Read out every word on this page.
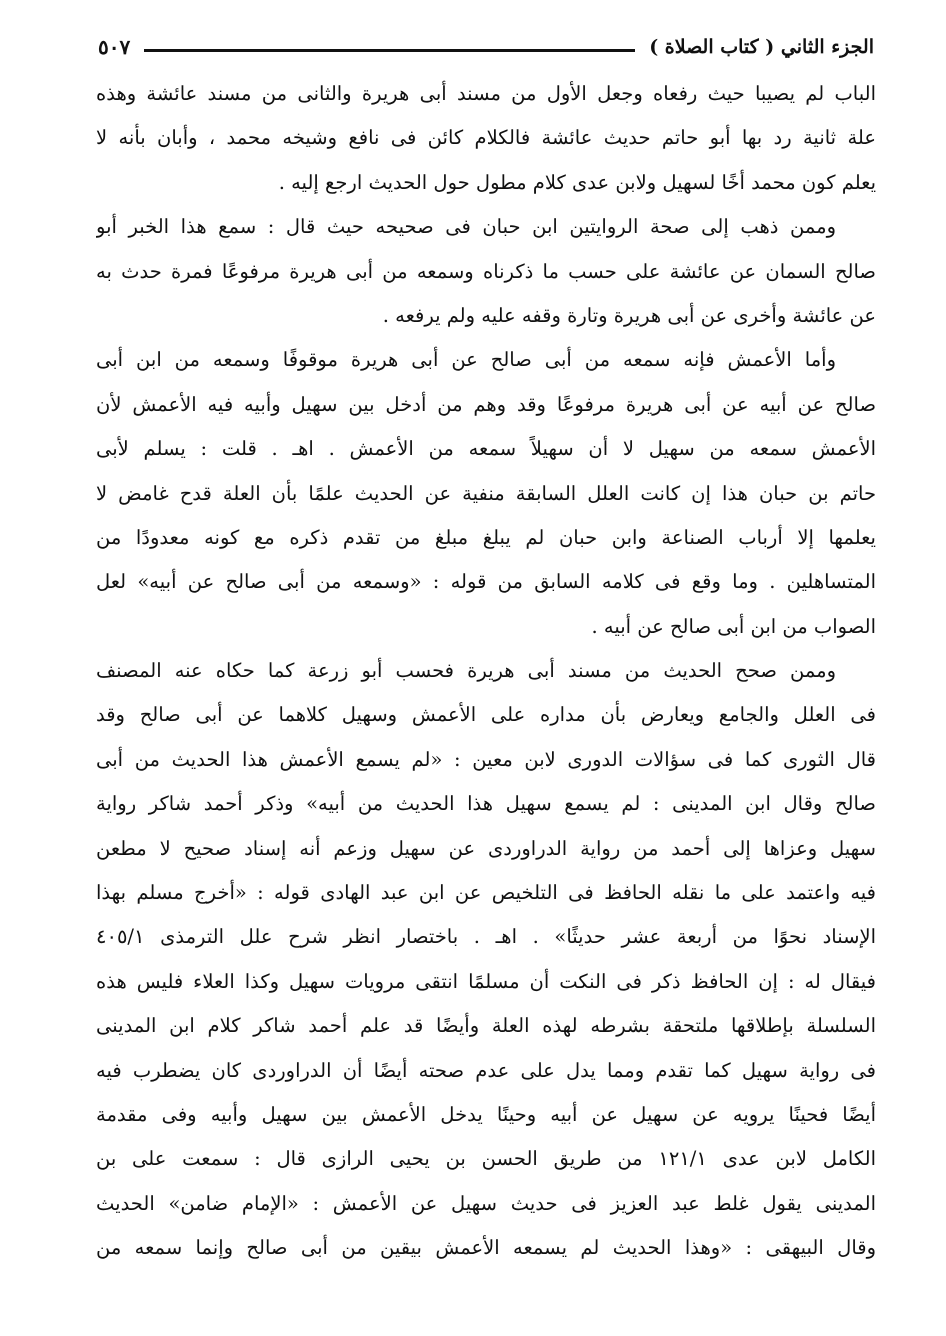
الجزء الثاني ( كتاب الصلاة )
٥٠٧
الباب لم يصيبا حيث رفعاه وجعل الأول من مسند أبى هريرة والثانى من مسند عائشة وهذه
علة ثانية رد بها أبو حاتم حديث عائشة فالكلام كائن فى نافع وشيخه محمد ، وأبان بأنه لا
يعلم كون محمد أخًا لسهيل ولابن عدى كلام مطول حول الحديث ارجع إليه .
وممن ذهب إلى صحة الروايتين ابن حبان فى صحيحه حيث قال : سمع هذا الخبر أبو
صالح السمان عن عائشة على حسب ما ذكرناه وسمعه من أبى هريرة مرفوعًا فمرة حدث به
عن عائشة وأخرى عن أبى هريرة وتارة وقفه عليه ولم يرفعه .
وأما الأعمش فإنه سمعه من أبى صالح عن أبى هريرة موقوفًا وسمعه من ابن أبى
صالح عن أبيه عن أبى هريرة مرفوعًا وقد وهم من أدخل بين سهيل وأبيه فيه الأعمش لأن
الأعمش سمعه من سهيل لا أن سهيلاً سمعه من الأعمش . اهـ . قلت : يسلم لأبى
حاتم بن حبان هذا إن كانت العلل السابقة منفية عن الحديث علمًا بأن العلة قدح غامض لا
يعلمها إلا أرباب الصناعة وابن حبان لم يبلغ مبلغ من تقدم ذكره مع كونه معدودًا من
المتساهلين . وما وقع فى كلامه السابق من قوله : «وسمعه من أبى صالح عن أبيه» لعل
الصواب من ابن أبى صالح عن أبيه .
وممن صحح الحديث من مسند أبى هريرة فحسب أبو زرعة كما حكاه عنه المصنف
فى العلل والجامع ويعارض بأن مداره على الأعمش وسهيل كلاهما عن أبى صالح وقد
قال الثورى كما فى سؤالات الدورى لابن معين : «لم يسمع الأعمش هذا الحديث من أبى
صالح وقال ابن المدينى : لم يسمع سهيل هذا الحديث من أبيه» وذكر أحمد شاكر رواية
سهيل وعزاها إلى أحمد من رواية الدراوردى عن سهيل وزعم أنه إسناد صحيح لا مطعن
فيه واعتمد على ما نقله الحافظ فى التلخيص عن ابن عبد الهادى قوله : «أخرج مسلم بهذا
الإسناد نحوًا من أربعة عشر حديثًا» . اهـ . باختصار انظر شرح علل الترمذى ٤٠٥/١
فيقال له : إن الحافظ ذكر فى النكت أن مسلمًا انتقى مرويات سهيل وكذا العلاء فليس هذه
السلسلة بإطلاقها ملتحقة بشرطه لهذه العلة وأيضًا قد علم أحمد شاكر كلام ابن المدينى
فى رواية سهيل كما تقدم ومما يدل على عدم صحته أيضًا أن الدراوردى كان يضطرب فيه
أيضًا فحينًا يرويه عن سهيل عن أبيه وحينًا يدخل الأعمش بين سهيل وأبيه وفى مقدمة
الكامل لابن عدى ١٢١/١ من طريق الحسن بن يحيى الرازى قال : سمعت على بن
المدينى يقول غلط عبد العزيز فى حديث سهيل عن الأعمش : «الإمام ضامن» الحديث
وقال البيهقى : «وهذا الحديث لم يسمعه الأعمش بيقين من أبى صالح وإنما سمعه من
